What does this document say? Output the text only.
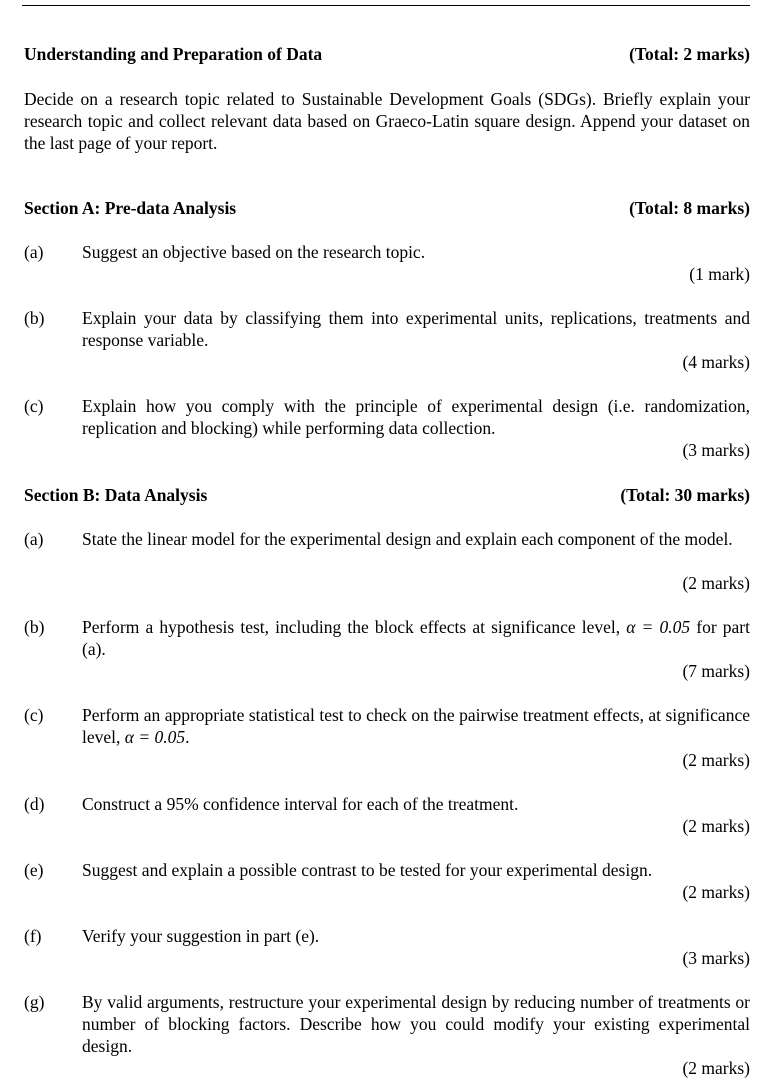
Understanding and Preparation of Data	(Total: 2 marks)
Decide on a research topic related to Sustainable Development Goals (SDGs). Briefly explain your research topic and collect relevant data based on Graeco-Latin square design. Append your dataset on the last page of your report.
Section A: Pre-data Analysis	(Total: 8 marks)
(a) Suggest an objective based on the research topic.
(1 mark)
(b) Explain your data by classifying them into experimental units, replications, treatments and response variable.
(4 marks)
(c) Explain how you comply with the principle of experimental design (i.e. randomization, replication and blocking) while performing data collection.
(3 marks)
Section B: Data Analysis	(Total: 30 marks)
(a) State the linear model for the experimental design and explain each component of the model.
(2 marks)
(b) Perform a hypothesis test, including the block effects at significance level, α = 0.05 for part (a).
(7 marks)
(c) Perform an appropriate statistical test to check on the pairwise treatment effects, at significance level, α = 0.05.
(2 marks)
(d) Construct a 95% confidence interval for each of the treatment.
(2 marks)
(e) Suggest and explain a possible contrast to be tested for your experimental design.
(2 marks)
(f) Verify your suggestion in part (e).
(3 marks)
(g) By valid arguments, restructure your experimental design by reducing number of treatments or number of blocking factors. Describe how you could modify your existing experimental design.
(2 marks)
